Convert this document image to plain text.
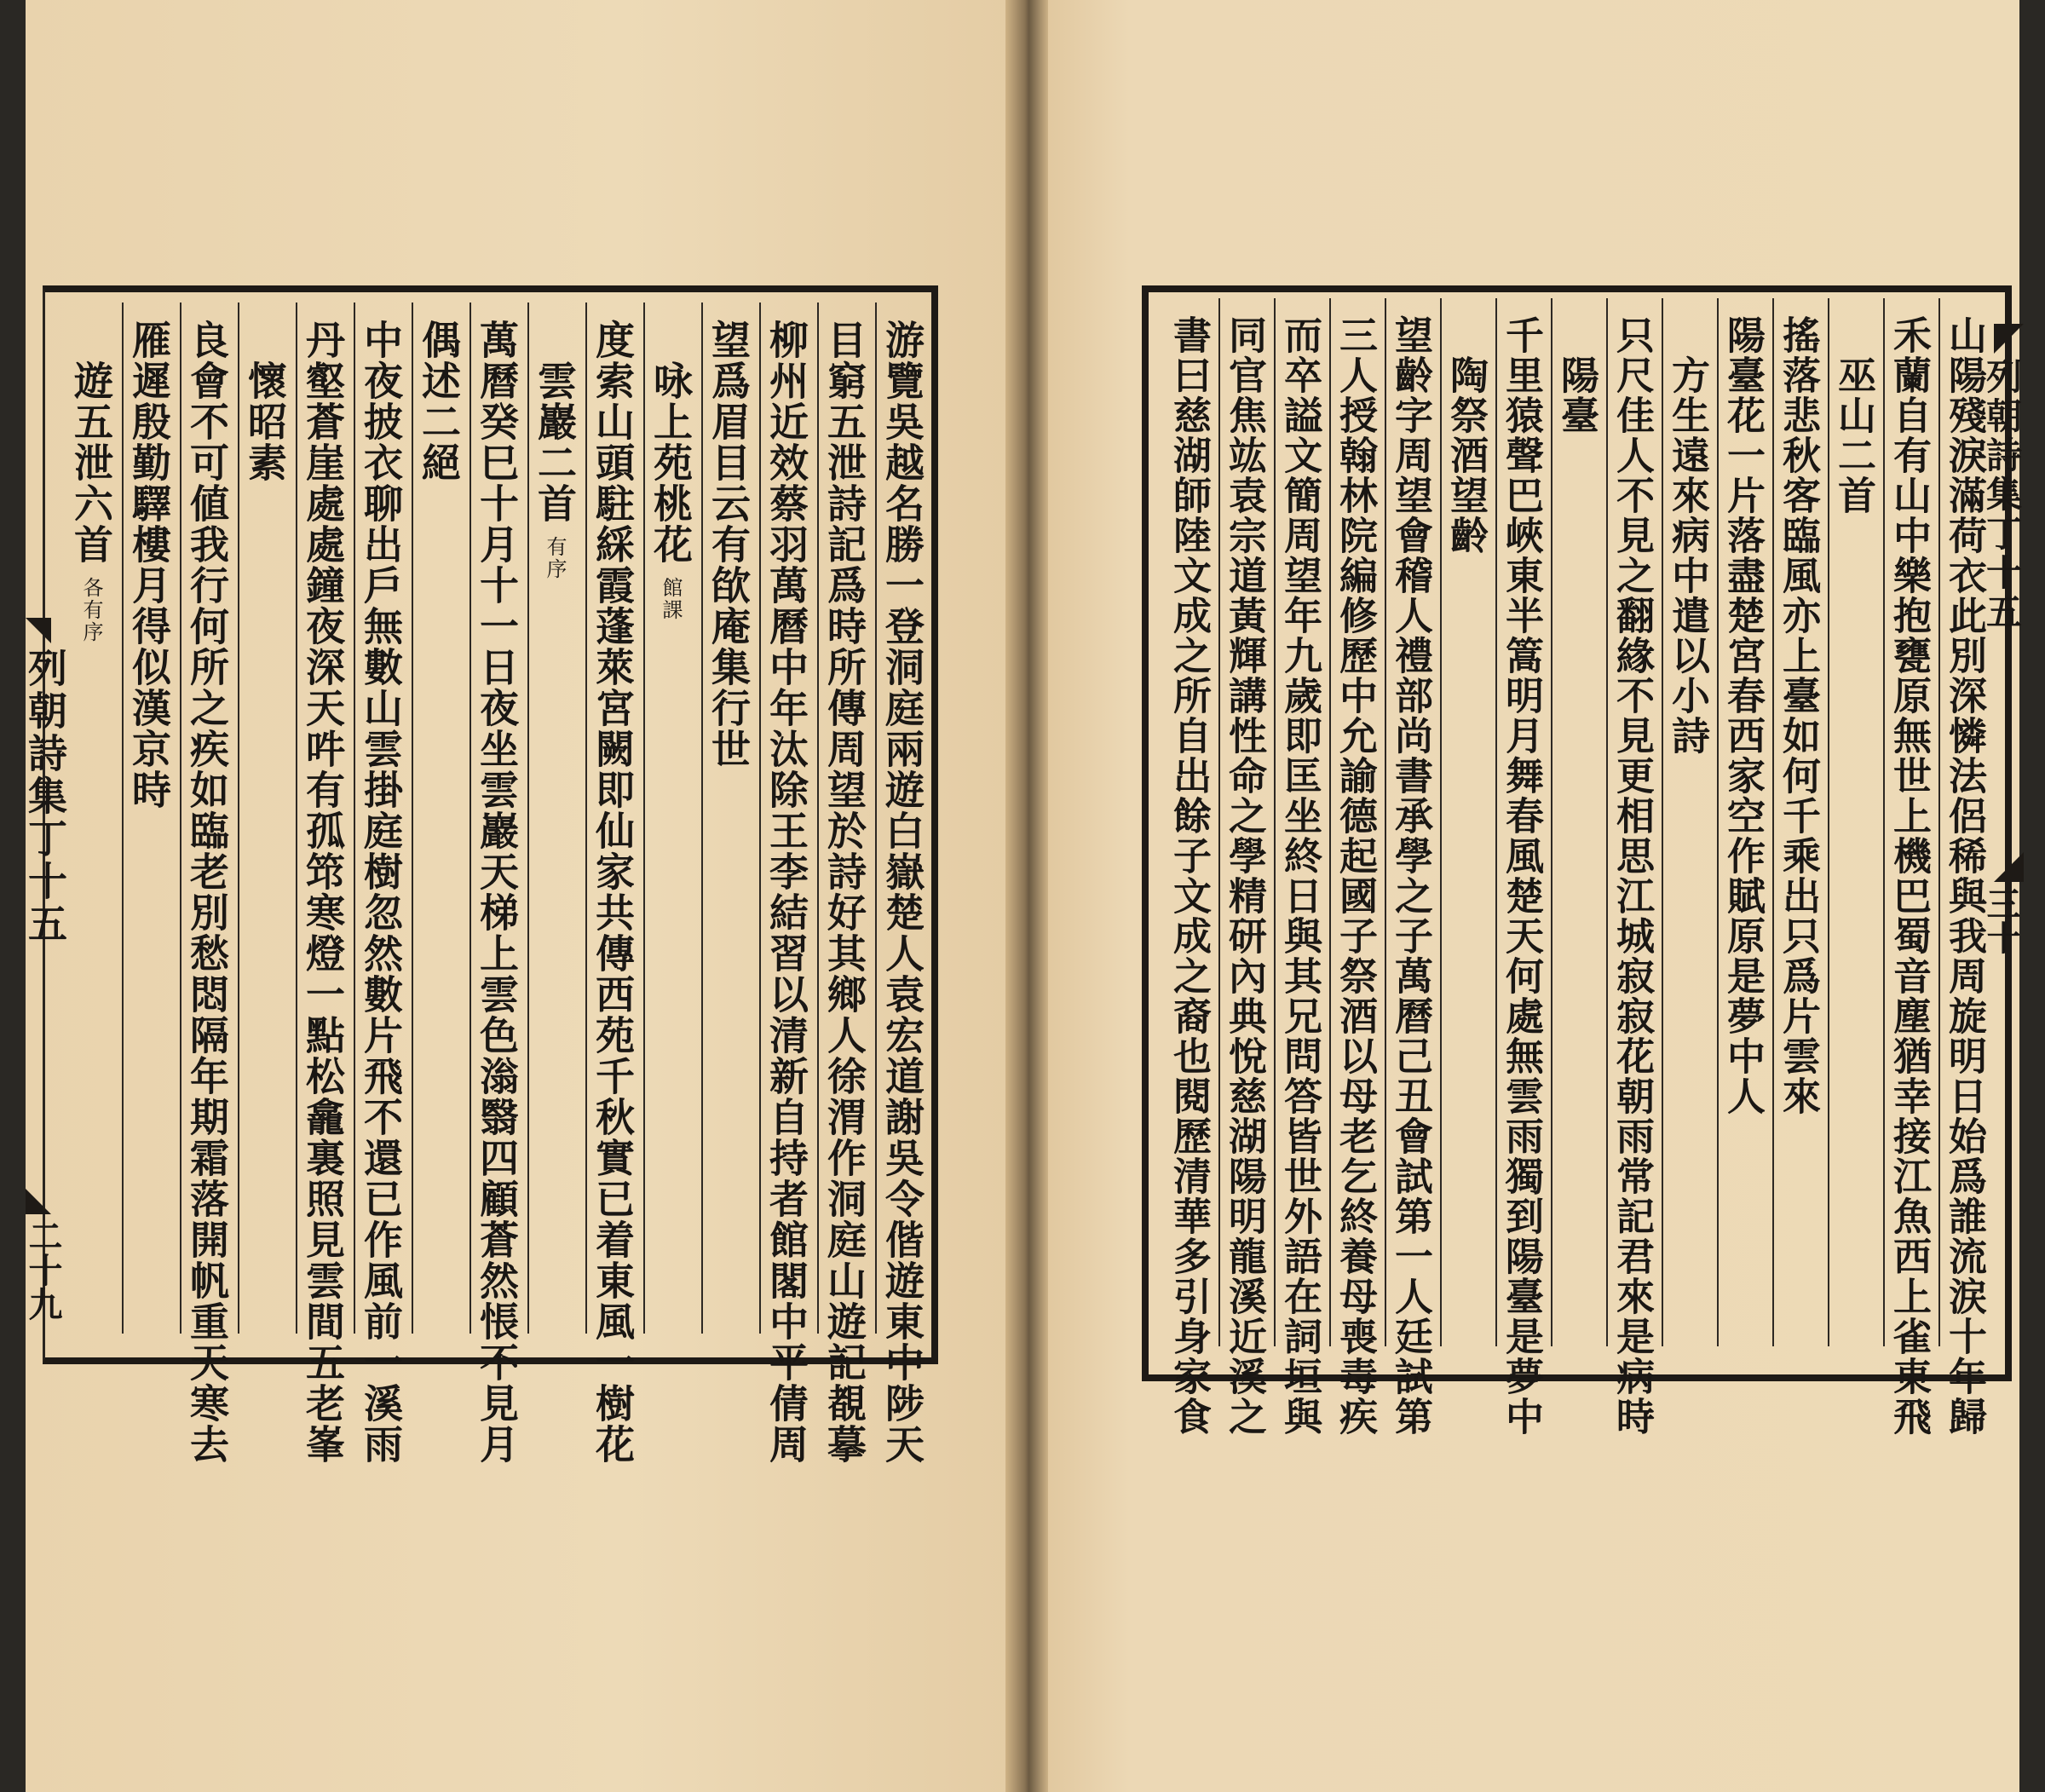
列朝詩集丁十五
二十九	游覽吳越名勝一登洞庭兩遊白嶽楚人袁宏道謝吳令偕遊東中陟天
目窮五泄詩記爲時所傳周望於詩好其鄉人徐渭作洞庭山遊記覩摹
柳州近效蔡羽萬曆中年汰除王李結習以清新自持者館閣中平倩周
望爲眉目云有欿庵集行世
　咏上苑桃花館課
度索山頭駐綵霞蓬萊宮闕即仙家共傳西苑千秋實已着東風一樹花
　雲巖二首有序
萬曆癸巳十月十一日夜坐雲巖天梯上雲色滃翳四顧蒼然悵不見月
偶述二絕
中夜披衣聊出戶無數山雲掛庭樹忽然數片飛不還已作風前一溪雨
丹壑蒼崖處處鐘夜深天吽有孤筇寒燈一點松龕裏照見雲間五老峯
　懷昭素
良會不可値我行何所之疾如臨老別愁悶隔年期霜落開帆重天寒去
雁遲殷勤驛樓月得似漢京時
　遊五泄六首各有序	列朝詩集丁十五
三十
山陽殘淚滿荷衣此別深憐法侶稀與我周旋明日始爲誰流涙十年歸
禾蘭自有山中樂抱甕原無世上機巴蜀音塵猶幸接江魚西上雀東飛
　巫山二首
搖落悲秋客臨風亦上臺如何千乘出只爲片雲來
陽臺花一片落盡楚宮春西家空作賦原是夢中人
　方生遠來病中遣以小詩
只尺佳人不見之翻緣不見更相思江城寂寂花朝雨常記君來是病時
　陽臺
千里猿聲巴峽東半篙明月舞春風楚天何處無雲雨獨到陽臺是夢中
　陶祭酒望齡
望齡字周望會稽人禮部尚書承學之子萬曆己丑會試第一人廷試第
三人授翰林院編修歷中允諭德起國子祭酒以母老乞終養母喪毒疾
而卒謚文簡周望年九歲即匡坐終日與其兄問答皆世外語在詞垣與
同官焦竑袁宗道黃輝講性命之學精研內典悅慈湖陽明龍溪近溪之
書曰慈湖師陸文成之所自出餘子文成之裔也閱歷清華多引身家食
